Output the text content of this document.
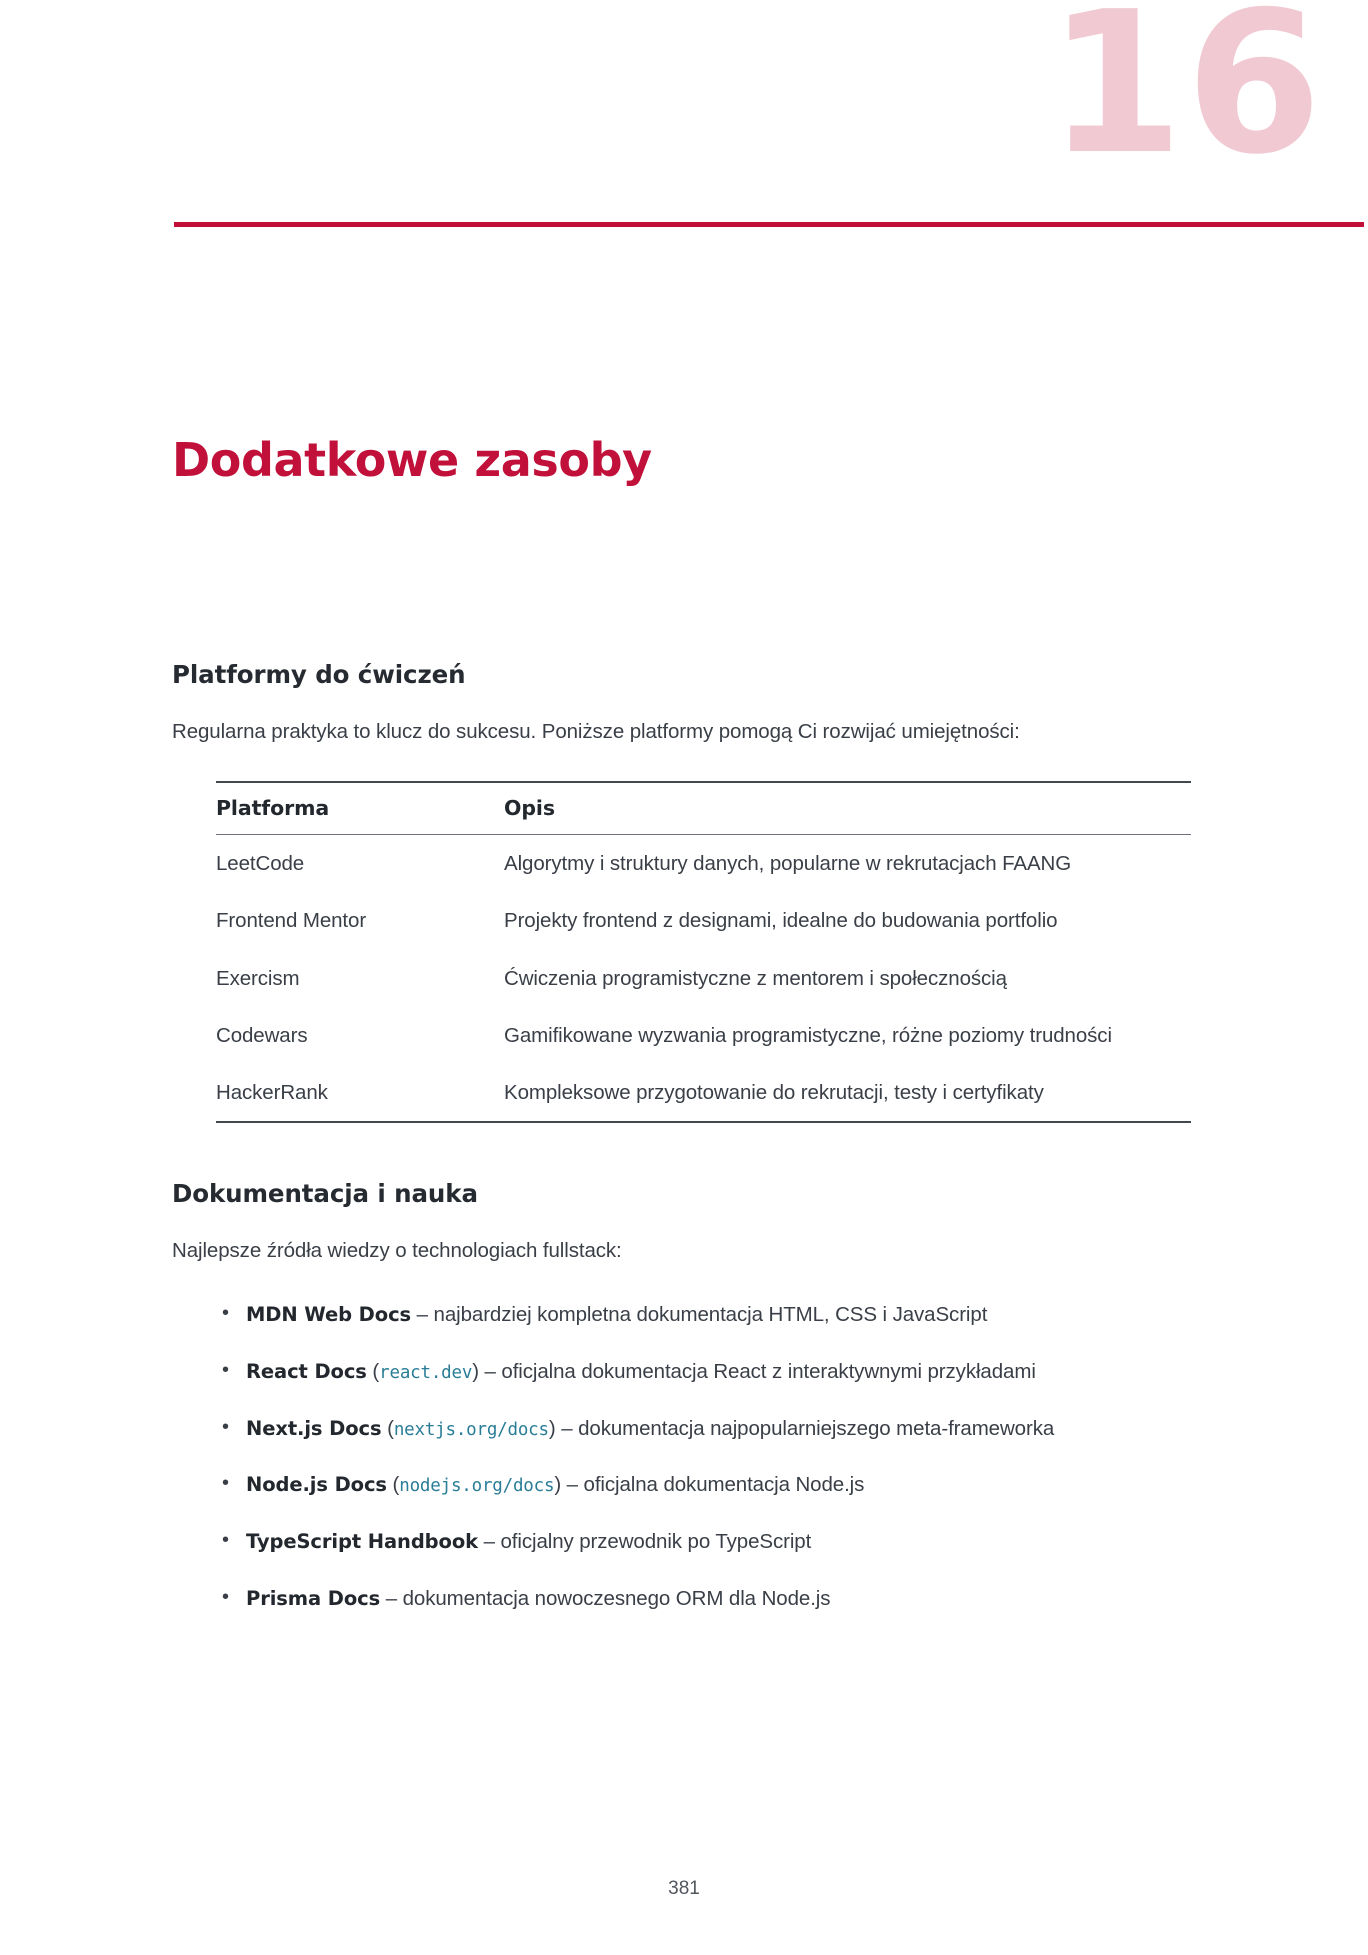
16
Dodatkowe zasoby
Platformy do ćwiczeń

Regularna praktyka to klucz do sukcesu. Poniższe platformy pomogą Ci rozwijać umiejętności:

Platforma	Opis
LeetCode	Algorytmy i struktury danych, popularne w rekrutacjach FAANG
Frontend Mentor	Projekty frontend z designami, idealne do budowania portfolio
Exercism	Ćwiczenia programistyczne z mentorem i społecznością
Codewars	Gamifikowane wyzwania programistyczne, różne poziomy trudności
HackerRank	Kompleksowe przygotowanie do rekrutacji, testy i certyfikaty
Dokumentacja i nauka

Najlepsze źródła wiedzy o technologiach fullstack:

• MDN Web Docs – najbardziej kompletna dokumentacja HTML, CSS i JavaScript
• React Docs (react.dev) – oficjalna dokumentacja React z interaktywnymi przykładami
• Next.js Docs (nextjs.org/docs) – dokumentacja najpopularniejszego meta-frameworka
• Node.js Docs (nodejs.org/docs) – oficjalna dokumentacja Node.js
• TypeScript Handbook – oficjalny przewodnik po TypeScript
• Prisma Docs – dokumentacja nowoczesnego ORM dla Node.js
381
